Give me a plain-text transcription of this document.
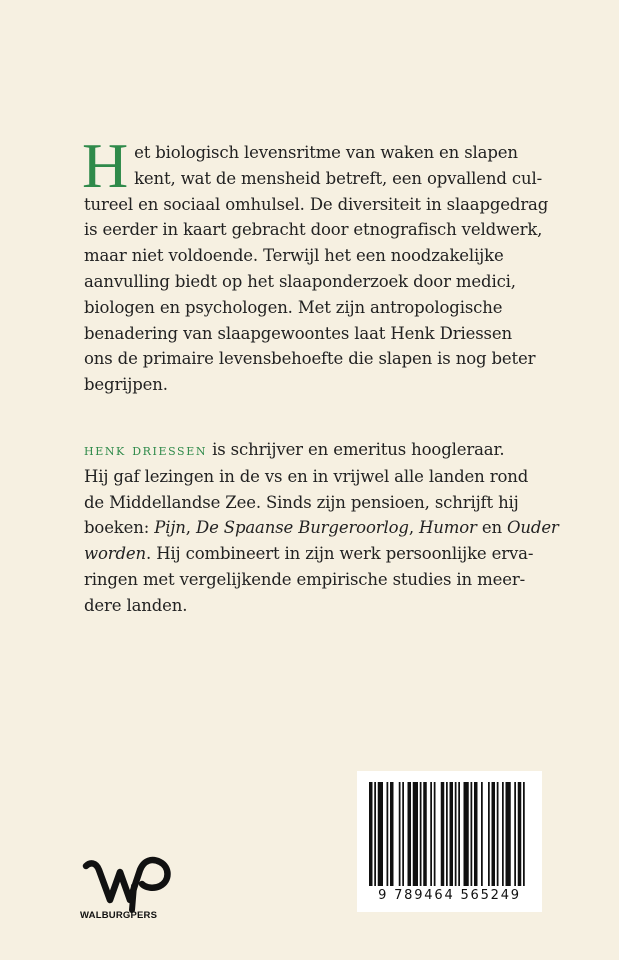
H et biologisch levensritme van waken en slapen
kent, wat de mensheid betreft, een opvallend cul-
tureel en sociaal omhulsel. De diversiteit in slaapgedrag
is eerder in kaart gebracht door etnografisch veldwerk,
maar niet voldoende. Terwijl het een noodzakelijke
aanvulling biedt op het slaaponderzoek door medici,
biologen en psychologen. Met zijn antropologische
benadering van slaapgewoontes laat Henk Driessen
ons de primaire levensbehoefte die slapen is nog beter
begrijpen.
henk driessen is schrijver en emeritus hoogleraar.
Hij gaf lezingen in de vs en in vrijwel alle landen rond
de Middellandse Zee. Sinds zijn pensioen, schrijft hij
boeken: Pijn, De Spaanse Burgeroorlog, Humor en Ouder
worden. Hij combineert in zijn werk persoonlijke erva-
ringen met vergelijkende empirische studies in meer-
dere landen.
9 789464 565249
WALBURGPERS
